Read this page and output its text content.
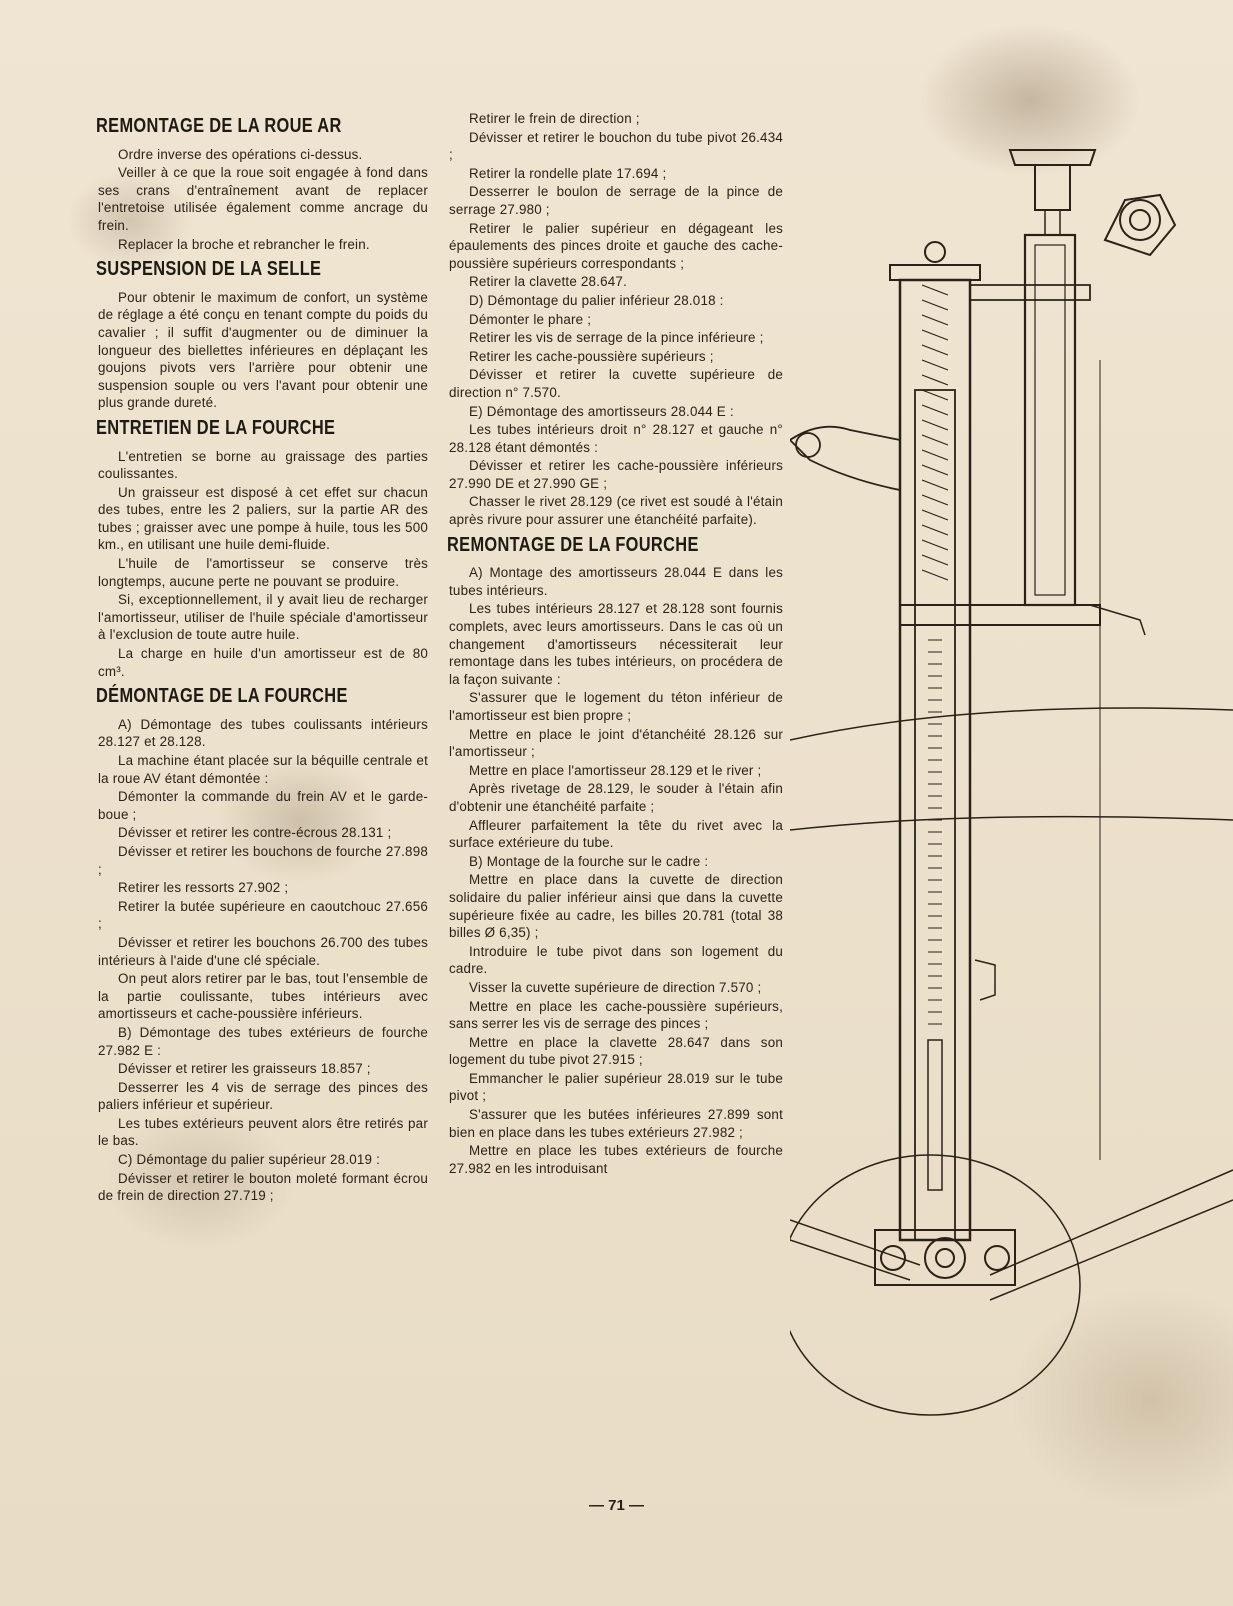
REMONTAGE DE LA ROUE AR

Ordre inverse des opérations ci-dessus.

Veiller à ce que la roue soit engagée à fond dans ses crans d'entraînement avant de replacer l'entretoise utilisée également comme ancrage du frein.

Replacer la broche et rebrancher le frein.

SUSPENSION DE LA SELLE

Pour obtenir le maximum de confort, un système de réglage a été conçu en tenant compte du poids du cavalier ; il suffit d'augmenter ou de diminuer la longueur des biellettes inférieures en déplaçant les goujons pivots vers l'arrière pour obtenir une suspension souple ou vers l'avant pour obtenir une plus grande dureté.

ENTRETIEN DE LA FOURCHE

L'entretien se borne au graissage des parties coulissantes.

Un graisseur est disposé à cet effet sur chacun des tubes, entre les 2 paliers, sur la partie AR des tubes ; graisser avec une pompe à huile, tous les 500 km., en utilisant une huile demi-fluide.

L'huile de l'amortisseur se conserve très longtemps, aucune perte ne pouvant se produire.

Si, exceptionnellement, il y avait lieu de recharger l'amortisseur, utiliser de l'huile spéciale d'amortisseur à l'exclusion de toute autre huile.

La charge en huile d'un amortisseur est de 80 cm³.

DÉMONTAGE DE LA FOURCHE

A) Démontage des tubes coulissants intérieurs 28.127 et 28.128.

La machine étant placée sur la béquille centrale et la roue AV étant démontée :

Démonter la commande du frein AV et le garde-boue ;

Dévisser et retirer les contre-écrous 28.131 ;

Dévisser et retirer les bouchons de fourche 27.898 ;

Retirer les ressorts 27.902 ;

Retirer la butée supérieure en caoutchouc 27.656 ;

Dévisser et retirer les bouchons 26.700 des tubes intérieurs à l'aide d'une clé spéciale.

On peut alors retirer par le bas, tout l'ensemble de la partie coulissante, tubes intérieurs avec amortisseurs et cache-poussière inférieurs.

B) Démontage des tubes extérieurs de fourche 27.982 E :

Dévisser et retirer les graisseurs 18.857 ;

Desserrer les 4 vis de serrage des pinces des paliers inférieur et supérieur.

Les tubes extérieurs peuvent alors être retirés par le bas.

C) Démontage du palier supérieur 28.019 :

Dévisser et retirer le bouton moleté formant écrou de frein de direction 27.719 ;

Retirer le frein de direction ;

Dévisser et retirer le bouchon du tube pivot 26.434 ;

Retirer la rondelle plate 17.694 ;

Desserrer le boulon de serrage de la pince de serrage 27.980 ;

Retirer le palier supérieur en dégageant les épaulements des pinces droite et gauche des cache-poussière supérieurs correspondants ;

Retirer la clavette 28.647.

D) Démontage du palier inférieur 28.018 :

Démonter le phare ;

Retirer les vis de serrage de la pince inférieure ;

Retirer les cache-poussière supérieurs ;

Dévisser et retirer la cuvette supérieure de direction n° 7.570.

E) Démontage des amortisseurs 28.044 E :

Les tubes intérieurs droit n° 28.127 et gauche n° 28.128 étant démontés :

Dévisser et retirer les cache-poussière inférieurs 27.990 DE et 27.990 GE ;

Chasser le rivet 28.129 (ce rivet est soudé à l'étain après rivure pour assurer une étanchéité parfaite).

REMONTAGE DE LA FOURCHE

A) Montage des amortisseurs 28.044 E dans les tubes intérieurs.

Les tubes intérieurs 28.127 et 28.128 sont fournis complets, avec leurs amortisseurs. Dans le cas où un changement d'amortisseurs nécessiterait leur remontage dans les tubes intérieurs, on procédera de la façon suivante :

S'assurer que le logement du téton inférieur de l'amortisseur est bien propre ;

Mettre en place le joint d'étanchéité 28.126 sur l'amortisseur ;

Mettre en place l'amortisseur 28.129 et le river ;

Après rivetage de 28.129, le souder à l'étain afin d'obtenir une étanchéité parfaite ;

Affleurer parfaitement la tête du rivet avec la surface extérieure du tube.

B) Montage de la fourche sur le cadre :

Mettre en place dans la cuvette de direction solidaire du palier inférieur ainsi que dans la cuvette supérieure fixée au cadre, les billes 20.781 (total 38 billes Ø 6,35) ;

Introduire le tube pivot dans son logement du cadre.

Visser la cuvette supérieure de direction 7.570 ;

Mettre en place les cache-poussière supérieurs, sans serrer les vis de serrage des pinces ;

Mettre en place la clavette 28.647 dans son logement du tube pivot 27.915 ;

Emmancher le palier supérieur 28.019 sur le tube pivot ;

S'assurer que les butées inférieures 27.899 sont bien en place dans les tubes extérieurs 27.982 ;

Mettre en place les tubes extérieurs de fourche 27.982 en les introduisant

— 71 —
